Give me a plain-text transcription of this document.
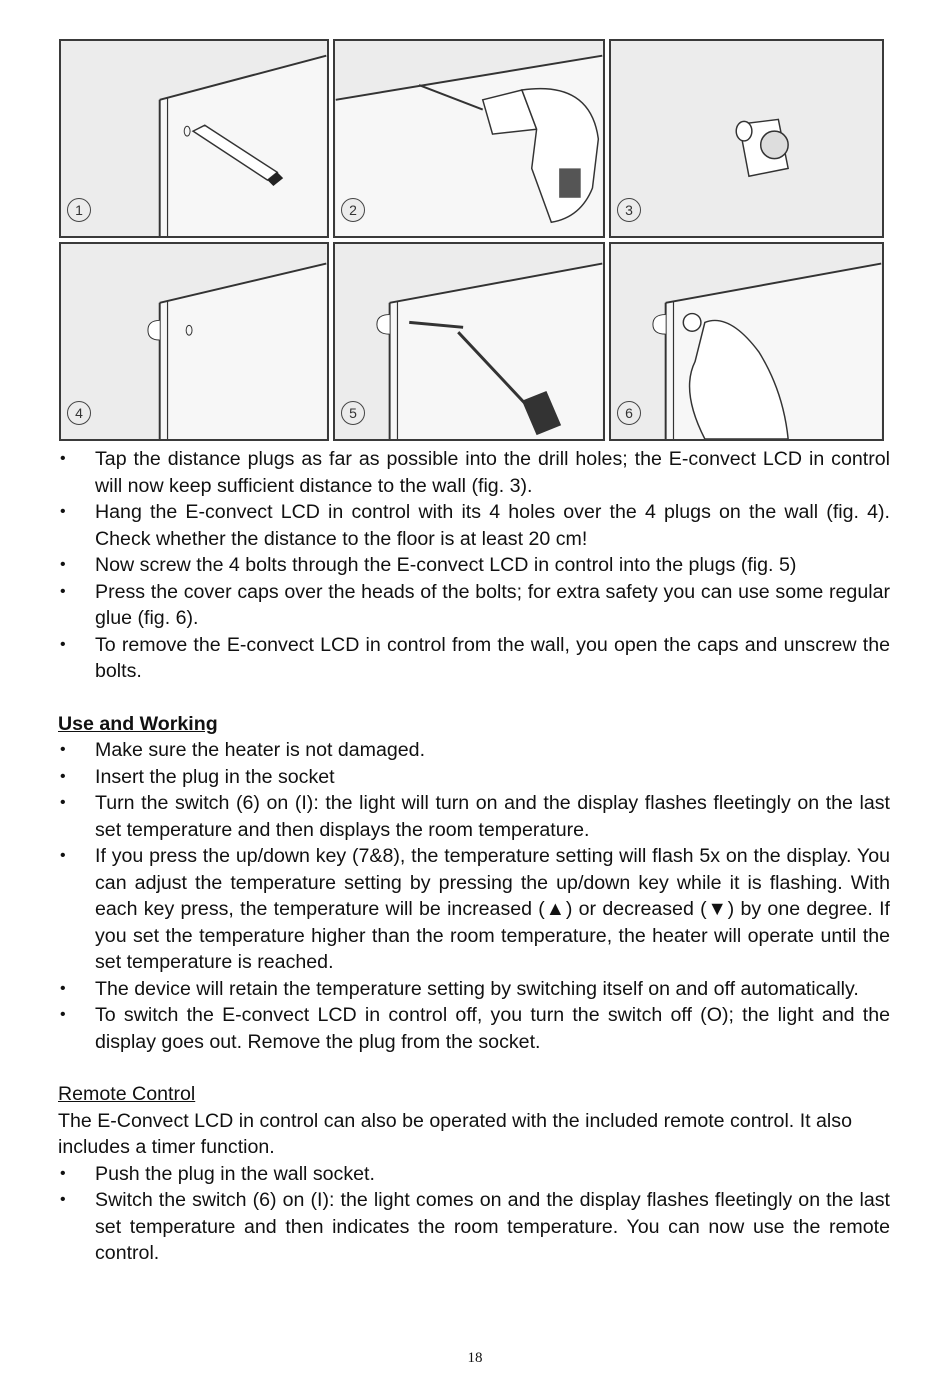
1	2	3
4	5	6
• Tap the distance plugs as far as possible into the drill holes; the E-convect LCD in control will now keep sufficient distance to the wall (fig. 3).
• Hang the E-convect LCD in control with its 4 holes over the 4 plugs on the wall (fig. 4). Check whether the distance to the floor is at least 20 cm!
• Now screw the 4 bolts through the E-convect LCD in control into the plugs (fig. 5)
• Press the cover caps over the heads of the bolts; for extra safety you can use some regular glue (fig. 6).
• To remove the E-convect LCD in control from the wall, you open the caps and unscrew the bolts.
Use and Working
• Make sure the heater is not damaged.
• Insert the plug in the socket
• Turn the switch (6) on (I): the light will turn on and the display flashes fleetingly on the last set temperature and then displays the room temperature.
• If you press the up/down key (7&8), the temperature setting will flash 5x on the display. You can adjust the temperature setting by pressing the up/down key while it is flashing. With each key press, the temperature will be increased (▲) or decreased (▼) by one degree. If you set the temperature higher than the room temperature, the heater will operate until the set temperature is reached.
• The device will retain the temperature setting by switching itself on and off automatically.
• To switch the E-convect LCD in control off, you turn the switch off (O); the light and the display goes out. Remove the plug from the socket.
Remote Control

The E-Convect LCD in control can also be operated with the included remote control. It also includes a timer function.

• Push the plug in the wall socket.
• Switch the switch (6) on (I): the light comes on and the display flashes fleetingly on the last set temperature and then indicates the room temperature. You can now use the remote control.
18
